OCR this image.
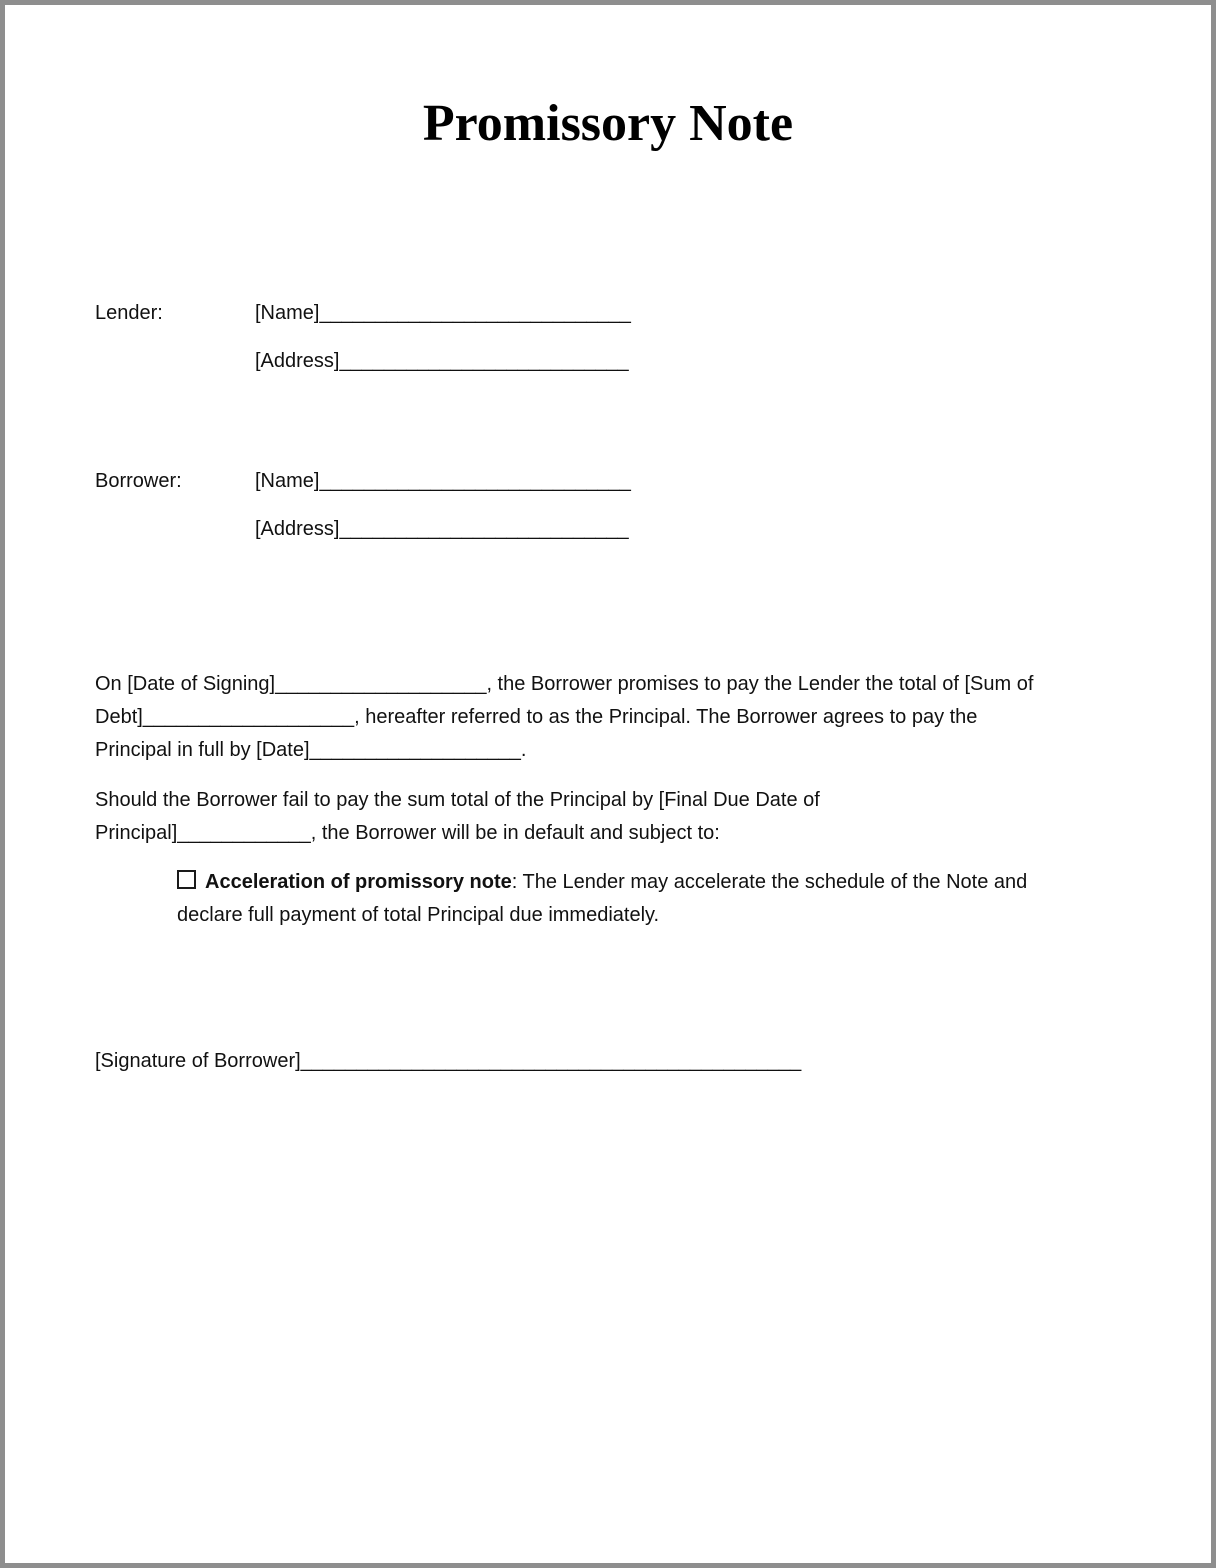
Promissory Note
Lender:	[Name]____________________________
[Address]__________________________
Borrower:	[Name]____________________________
[Address]__________________________
On [Date of Signing]___________________, the Borrower promises to pay the Lender the total of [Sum of
Debt]___________________, hereafter referred to as the Principal. The Borrower agrees to pay the
Principal in full by [Date]___________________.
Should the Borrower fail to pay the sum total of the Principal by [Final Due Date of
Principal]____________, the Borrower will be in default and subject to:
Acceleration of promissory note: The Lender may accelerate the schedule of the Note and
declare full payment of total Principal due immediately.
[Signature of Borrower]_____________________________________________
